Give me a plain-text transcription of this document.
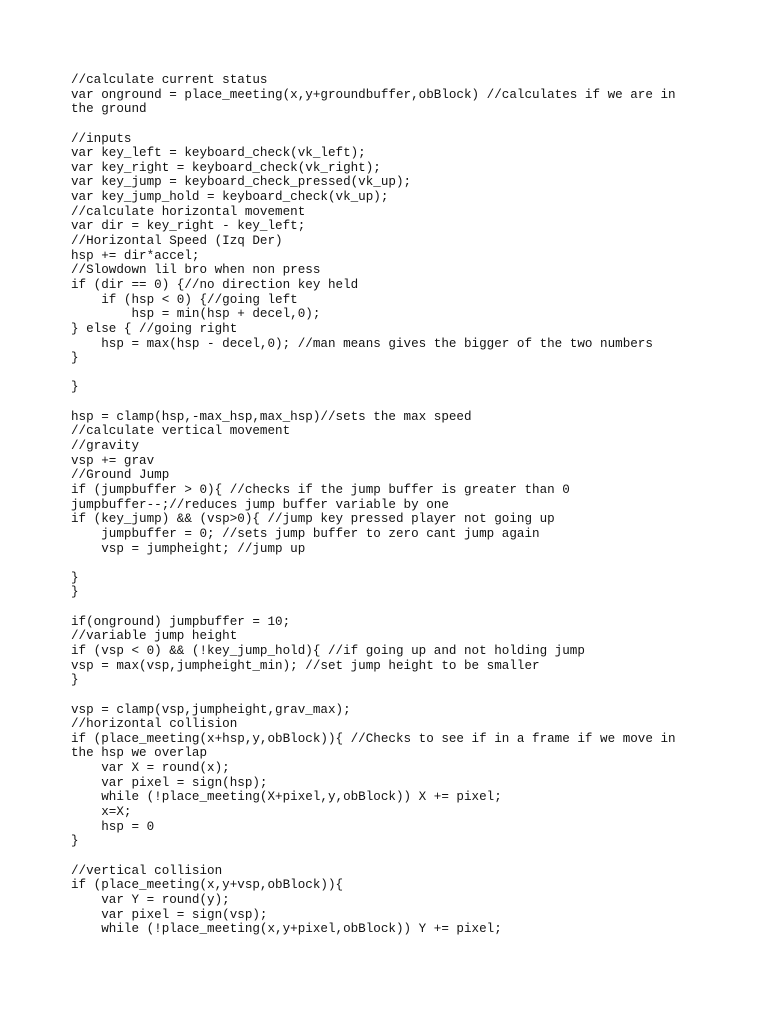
//calculate current status
var onground = place_meeting(x,y+groundbuffer,obBlock) //calculates if we are in
the ground
//inputs
var key_left = keyboard_check(vk_left);
var key_right = keyboard_check(vk_right);
var key_jump = keyboard_check_pressed(vk_up);
var key_jump_hold = keyboard_check(vk_up);
//calculate horizontal movement
var dir = key_right - key_left;
//Horizontal Speed (Izq Der)
hsp += dir*accel;
//Slowdown lil bro when non press
if (dir == 0) {//no direction key held
if (hsp < 0) {//going left
hsp = min(hsp + decel,0);
} else { //going right
hsp = max(hsp - decel,0); //man means gives the bigger of the two numbers
}
}
hsp = clamp(hsp,-max_hsp,max_hsp)//sets the max speed
//calculate vertical movement
//gravity
vsp += grav
//Ground Jump
if (jumpbuffer > 0){ //checks if the jump buffer is greater than 0
jumpbuffer--;//reduces jump buffer variable by one
if (key_jump) && (vsp>0){ //jump key pressed player not going up
jumpbuffer = 0; //sets jump buffer to zero cant jump again
vsp = jumpheight; //jump up
}
}
if(onground) jumpbuffer = 10;
//variable jump height
if (vsp < 0) && (!key_jump_hold){ //if going up and not holding jump
vsp = max(vsp,jumpheight_min); //set jump height to be smaller
}
vsp = clamp(vsp,jumpheight,grav_max);
//horizontal collision
if (place_meeting(x+hsp,y,obBlock)){ //Checks to see if in a frame if we move in
the hsp we overlap
var X = round(x);
var pixel = sign(hsp);
while (!place_meeting(X+pixel,y,obBlock)) X += pixel;
x=X;
hsp = 0
}
//vertical collision
if (place_meeting(x,y+vsp,obBlock)){
var Y = round(y);
var pixel = sign(vsp);
while (!place_meeting(x,y+pixel,obBlock)) Y += pixel;
